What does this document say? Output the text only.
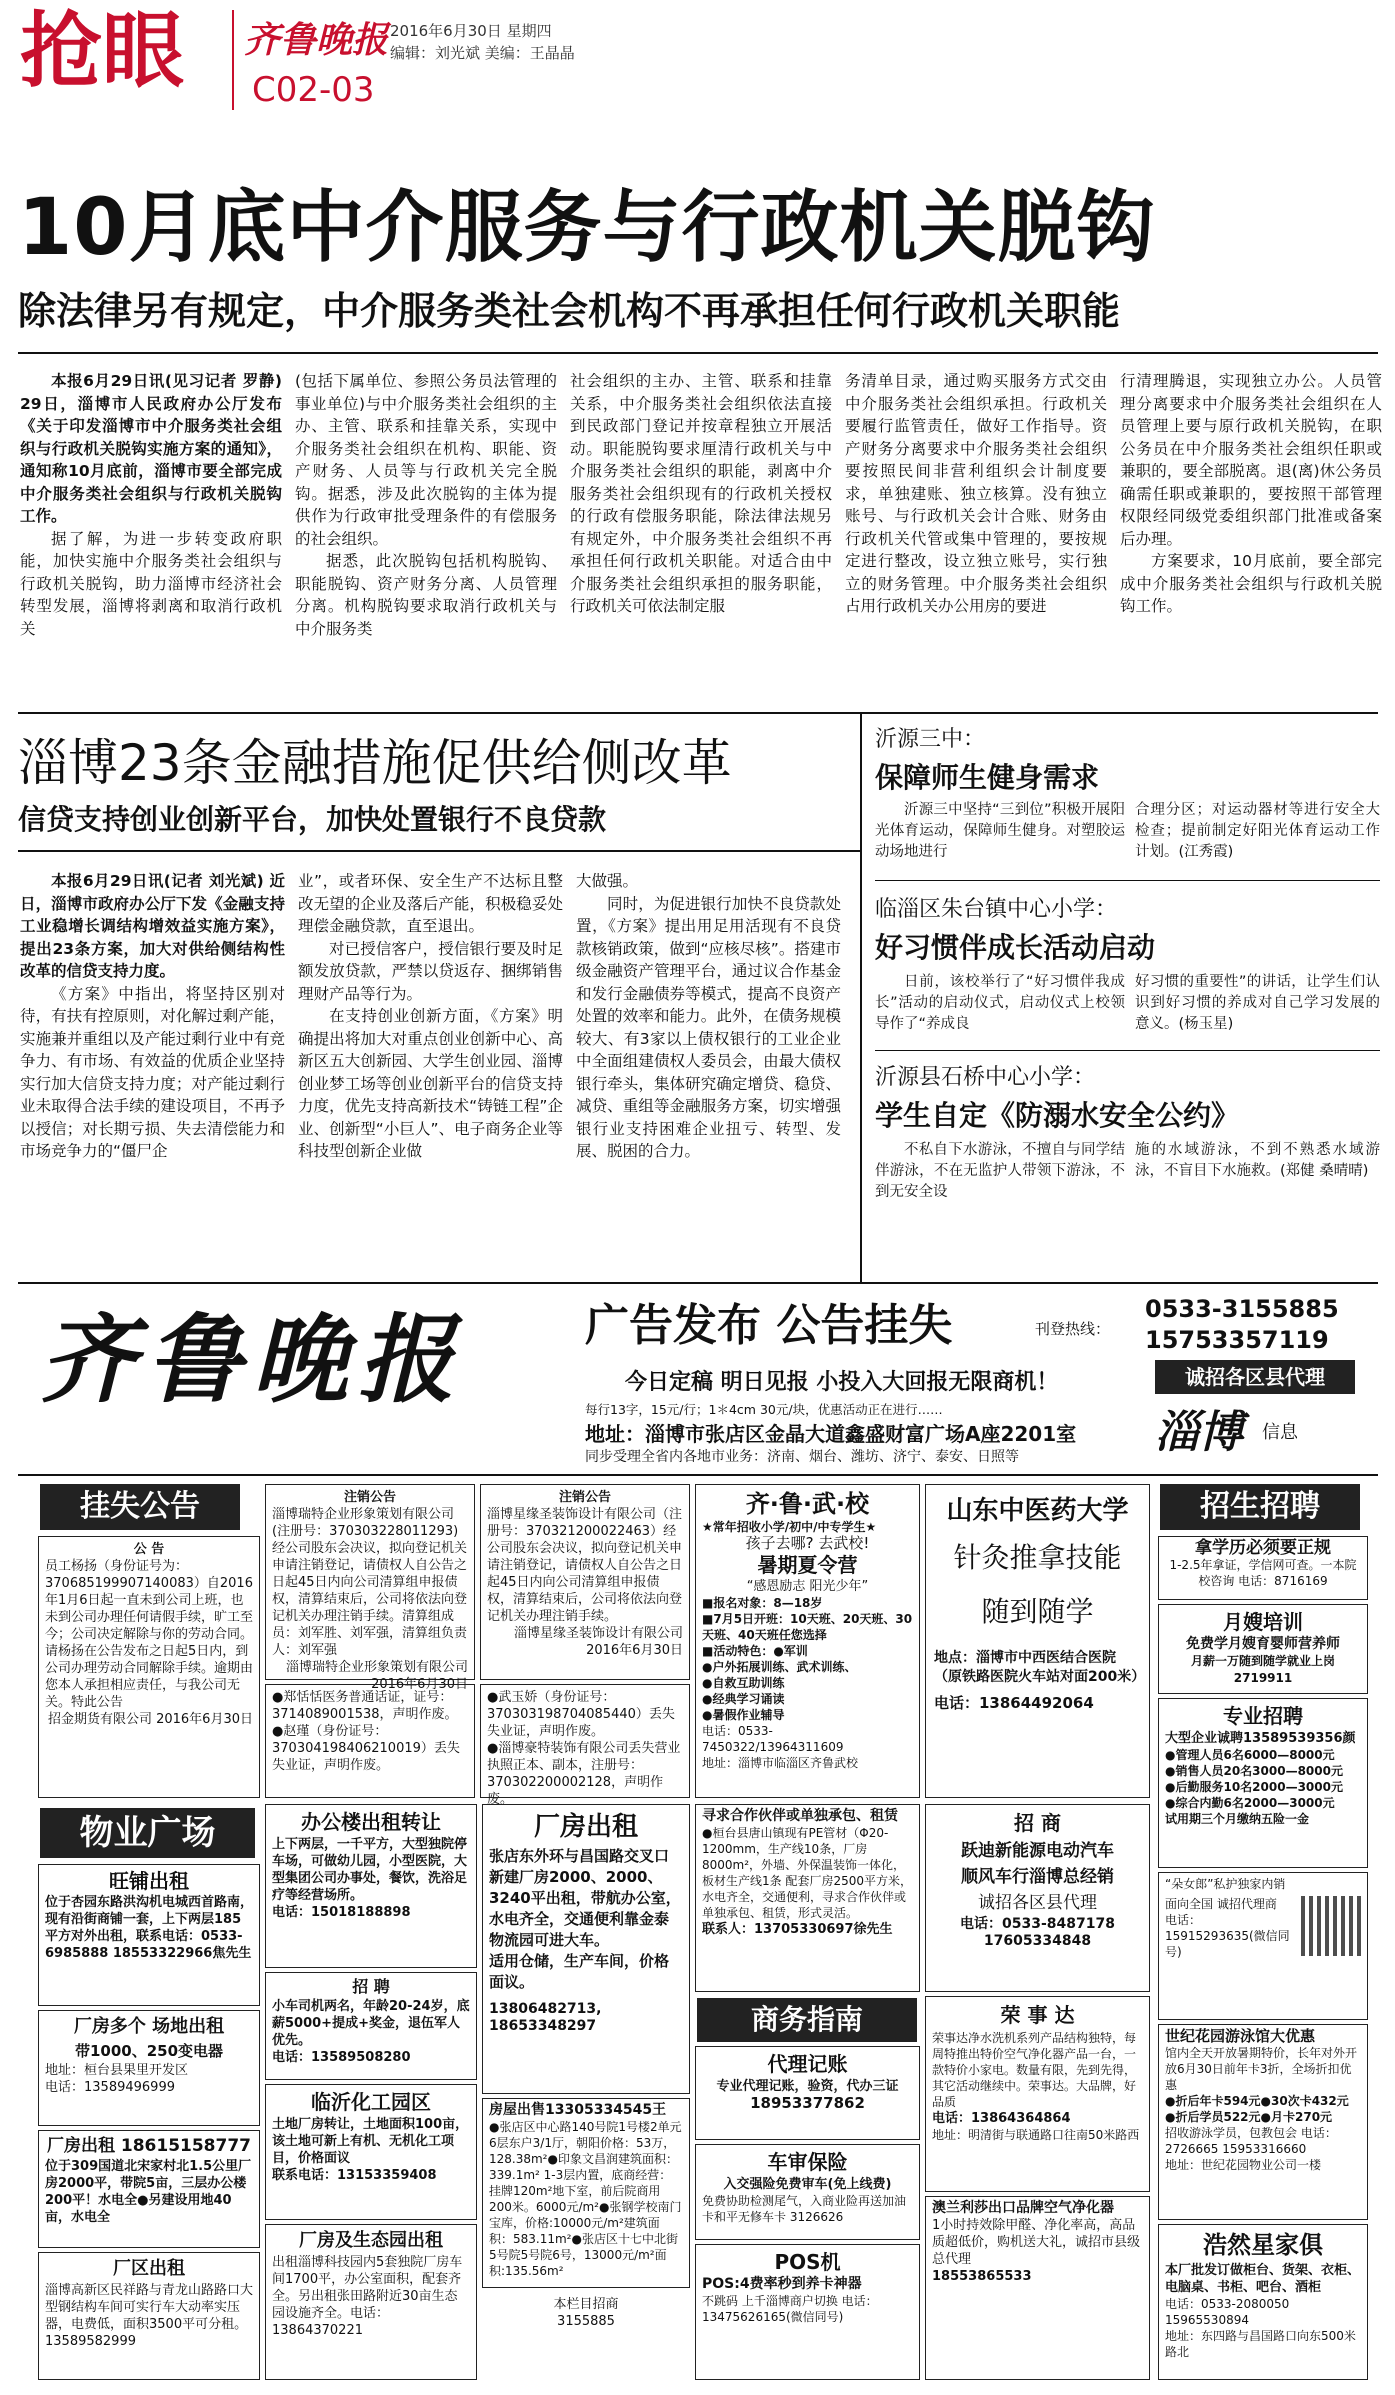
抢眼 齐鲁晚报 2016年6月30日 星期四
编辑：刘光斌 美编：王晶晶
C02-03
10月底中介服务与行政机关脱钩
除法律另有规定，中介服务类社会机构不再承担任何行政机关职能

本报6月29日讯(见习记者 罗静) 29日，淄博市人民政府办公厅发布《关于印发淄博市中介服务类社会组织与行政机关脱钩实施方案的通知》，通知称10月底前，淄博市要全部完成中介服务类社会组织与行政机关脱钩工作。

据了解，为进一步转变政府职能，加快实施中介服务类社会组织与行政机关脱钩，助力淄博市经济社会转型发展，淄博将剥离和取消行政机关

(包括下属单位、参照公务员法管理的事业单位)与中介服务类社会组织的主办、主管、联系和挂靠关系，实现中介服务类社会组织在机构、职能、资产财务、人员等与行政机关完全脱钩。据悉，涉及此次脱钩的主体为提供作为行政审批受理条件的有偿服务的社会组织。

据悉，此次脱钩包括机构脱钩、职能脱钩、资产财务分离、人员管理分离。机构脱钩要求取消行政机关与中介服务类

社会组织的主办、主管、联系和挂靠关系，中介服务类社会组织依法直接到民政部门登记并按章程独立开展活动。职能脱钩要求厘清行政机关与中介服务类社会组织的职能，剥离中介服务类社会组织现有的行政机关授权的行政有偿服务职能，除法律法规另有规定外，中介服务类社会组织不再承担任何行政机关职能。对适合由中介服务类社会组织承担的服务职能，行政机关可依法制定服

务清单目录，通过购买服务方式交由中介服务类社会组织承担。行政机关要履行监管责任，做好工作指导。资产财务分离要求中介服务类社会组织要按照民间非营利组织会计制度要求，单独建账、独立核算。没有独立账号、与行政机关会计合账、财务由行政机关代管或集中管理的，要按规定进行整改，设立独立账号，实行独立的财务管理。中介服务类社会组织占用行政机关办公用房的要进

行清理腾退，实现独立办公。人员管理分离要求中介服务类社会组织在人员管理上要与原行政机关脱钩，在职公务员在中介服务类社会组织任职或兼职的，要全部脱离。退(离)休公务员确需任职或兼职的，要按照干部管理权限经同级党委组织部门批准或备案后办理。

方案要求，10月底前，要全部完成中介服务类社会组织与行政机关脱钩工作。

淄博23条金融措施促供给侧改革
信贷支持创业创新平台，加快处置银行不良贷款

本报6月29日讯(记者 刘光斌) 近日，淄博市政府办公厅下发《金融支持工业稳增长调结构增效益实施方案》，提出23条方案，加大对供给侧结构性改革的信贷支持力度。

《方案》中指出，将坚持区别对待，有扶有控原则，对化解过剩产能，实施兼并重组以及产能过剩行业中有竞争力、有市场、有效益的优质企业坚持实行加大信贷支持力度；对产能过剩行业未取得合法手续的建设项目，不再予以授信；对长期亏损、失去清偿能力和市场竞争力的“僵尸企

业”，或者环保、安全生产不达标且整改无望的企业及落后产能，积极稳妥处理偿金融贷款，直至退出。

对已授信客户，授信银行要及时足额发放贷款，严禁以贷返存、捆绑销售理财产品等行为。

在支持创业创新方面，《方案》明确提出将加大对重点创业创新中心、高新区五大创新园、大学生创业园、淄博创业梦工场等创业创新平台的信贷支持力度，优先支持高新技术“铸链工程”企业、创新型“小巨人”、电子商务企业等科技型创新企业做

大做强。

同时，为促进银行加快不良贷款处置，《方案》提出用足用活现有不良贷款核销政策，做到“应核尽核”。搭建市级金融资产管理平台，通过议合作基金和发行金融债券等模式，提高不良资产处置的效率和能力。此外，在债务规模较大、有3家以上债权银行的工业企业中全面组建债权人委员会，由最大债权银行牵头，集体研究确定增贷、稳贷、减贷、重组等金融服务方案，切实增强银行业支持困难企业扭亏、转型、发展、脱困的合力。

沂源三中：
保障师生健身需求

沂源三中坚持“三到位”积极开展阳光体育运动，保障师生健身。对塑胶运动场地进行

合理分区；对运动器材等进行安全大检查；提前制定好阳光体育运动工作计划。(江秀霞)

临淄区朱台镇中心小学：
好习惯伴成长活动启动

日前，该校举行了“好习惯伴我成长”活动的启动仪式，启动仪式上校领导作了“养成良

好习惯的重要性”的讲话，让学生们认识到好习惯的养成对自己学习发展的意义。(杨玉星)

沂源县石桥中心小学：
学生自定《防溺水安全公约》

不私自下水游泳，不擅自与同学结伴游泳，不在无监护人带领下游泳，不到无安全设

施的水域游泳，不到不熟悉水域游泳，不盲目下水施救。(郑健 桑晴晴)

齐鲁晚报	广告发布 公告挂失	刊登热线：
0533-3155885
15753357119
今日定稿 明日见报 小投入大回报无限商机！	诚招各区县代理
每行13字，15元/行；1＊4cm 30元/块，优惠活动正在进行……
地址：淄博市张店区金晶大道鑫盛财富广场A座2201室 淄博 信息
同步受理全省内各地市业务：济南、烟台、潍坊、济宁、泰安、日照等
挂失公告
公 告
员工杨扬（身份证号为：370685199907140083）自2016年1月6日起一直未到公司上班，也未到公司办理任何请假手续，旷工至今；公司决定解除与你的劳动合同。请杨扬在公告发布之日起5日内，到公司办理劳动合同解除手续。逾期由您本人承担相应责任，与我公司无关。特此公告
招金期货有限公司 2016年6月30日
注销公告
淄博瑞特企业形象策划有限公司(注册号：370303228011293)经公司股东会决议，拟向登记机关申请注销登记，请债权人自公告之日起45日内向公司清算组申报债权，清算结束后，公司将依法向登记机关办理注销手续。清算组成员：刘军胜、刘军强，清算组负责人：刘军强
淄博瑞特企业形象策划有限公司 2016年6月30日
注销公告
淄博星缘圣装饰设计有限公司（注册号：370321200022463）经公司股东会决议，拟向登记机关申请注销登记，请债权人自公告之日起45日内向公司清算组申报债权，清算结束后，公司将依法向登记机关办理注销手续。
淄博星缘圣装饰设计有限公司 2016年6月30日
●郑恬恬医务普通话证，证号：3714089001538，声明作废。
●赵瑾（身份证号：370304198406210019）丢失失业证，声明作废。
●武玉娇（身份证号：370303198704085440）丢失失业证，声明作废。
●淄博豪特装饰有限公司丢失营业执照正本、副本，注册号：370302200002128，声明作废。
齐·鲁·武·校
★常年招收小学/初中/中专学生★
孩子去哪? 去武校!
暑期夏令营
“感恩励志 阳光少年”
■报名对象：8—18岁
■7月5日开班：10天班、20天班、30天班、40天班任您选择
■活动特色：●军训
●户外拓展训练、武术训练、
●自救互助训练
●经典学习诵读
●暑假作业辅导
电话：0533-7450322/13964311609
地址：淄博市临淄区齐鲁武校
山东中医药大学
针灸推拿技能
随到随学
地点：淄博市中西医结合医院（原铁路医院火车站对面200米）
电话：13864492064
招生招聘
拿学历必须要正规
1-2.5年拿证，学信网可查。一本院校咨询 电话：8716169
月嫂培训
免费学月嫂育婴师营养师
月薪一万随到随学就业上岗2719911
专业招聘
大型企业诚聘13589539356颜
●管理人员6名6000—8000元
●销售人员20名3000—8000元
●后勤服务10名2000—3000元
●综合内勤6名2000—3000元
试用期三个月缴纳五险一金
物业广场
旺铺出租
位于杏园东路洪沟机电城西首路南，现有沿街商铺一套，上下两层185平方对外出租，联系电话：0533-6985888 18553322966焦先生
厂房多个 场地出租
带1000、250变电器
地址：桓台县果里开发区
电话：13589496999
厂房出租 18615158777
位于309国道北宋家村北1.5公里厂房2000平，带院5亩，三层办公楼200平！水电全●另建设用地40亩，水电全
厂区出租
淄博高新区民祥路与青龙山路路口大型钢结构车间可实行车大动率实压器，电费低，面积3500平可分租。13589582999
办公楼出租转让
上下两层，一千平方，大型独院停车场，可做幼儿园，小型医院，大型集团公司办事处，餐饮，洗浴足疗等经营场所。
电话：15018188898
招 聘
小车司机两名，年龄20-24岁，底薪5000+提成+奖金，退伍军人优先。
电话：13589508280
临沂化工园区
土地厂房转让，土地面积100亩，该土地可新上有机、无机化工项目，价格面议
联系电话：13153359408
厂房及生态园出租
出租淄博科技园内5套独院厂房车间1700平，办公室面积，配套齐全。另出租张田路附近30亩生态园设施齐全。电话：13864370221
厂房出租
张店东外环与昌国路交叉口新建厂房2000、2000、3240平出租，带航办公室，水电齐全，交通便利靠金泰物流园可进大车。
适用仓储，生产车间，价格面议。
13806482713, 18653348297
房屋出售13305334545王
●张店区中心路140号院1号楼2单元6层东户3/1厅，朝阳价格：53万，128.38m²●印象文昌润建筑面积：339.1m² 1-3层内置，底商经营：挂牌120m²地下室，前后院商用200米。6000元/m²●张钢学校南门宝库，价格:10000元/m²建筑面积：583.11m²●张店区十七中北街5号院5号院6号，13000元/m²面积:135.56m²
本栏目招商
3155885
寻求合作伙伴或单独承包、租赁
●桓台县唐山镇现有PE管材（Φ20-1200mm，生产线10条，厂房8000m²，外墙、外保温装饰一体化，板材生产线1条 配套厂房2500平方米，水电齐全，交通便利，寻求合作伙伴或单独承包、租赁，形式灵活。
联系人：13705330697徐先生
商务指南
代理记账
专业代理记账，验资，代办三证
18953377862
车审保险
入交强险免费审车(免上线费)
免费协助检测尾气，入商业险再送加油卡和平无修车卡 3126626
POS机
POS:4费率秒到养卡神器
不跳码 上千淄博商户切换 电话：13475626165(微信同号)
招 商
跃迪新能源电动汽车
顺风车行淄博总经销
诚招各区县代理
电话：0533-8487178 17605334848
荣 事 达
荣事达净水洗机系列产品结构独特，每周特推出特价空气净化器产品一台，一款特价小家电。数量有限，先到先得，其它活动继续中。荣事达。大品牌，好品质
电话：13864364864
地址：明清街与联通路口往南50米路西
澳兰利莎出口品牌空气净化器
1小时持效除甲醛、净化率高，高品质超低价，购机送大礼，诚招市县级总代理
18553865533
“朵女郎”私护独家内销
面向全国 诚招代理商
电话：15915293635(微信同号)
世纪花园游泳馆大优惠
馆内全天开放暑期特价，长年对外开放6月30日前年卡3折，全场折扣优惠
●折后年卡594元●30次卡432元
●折后学员522元●月卡270元
招收游泳学员，包教包会 电话：2726665 15953316660
地址：世纪花园物业公司一楼
浩然星家俱
本厂批发订做柜台、货架、衣柜、电脑桌、书柜、吧台、酒柜
电话：0533-2080050 15965530894
地址：东四路与昌国路口向东500米路北
